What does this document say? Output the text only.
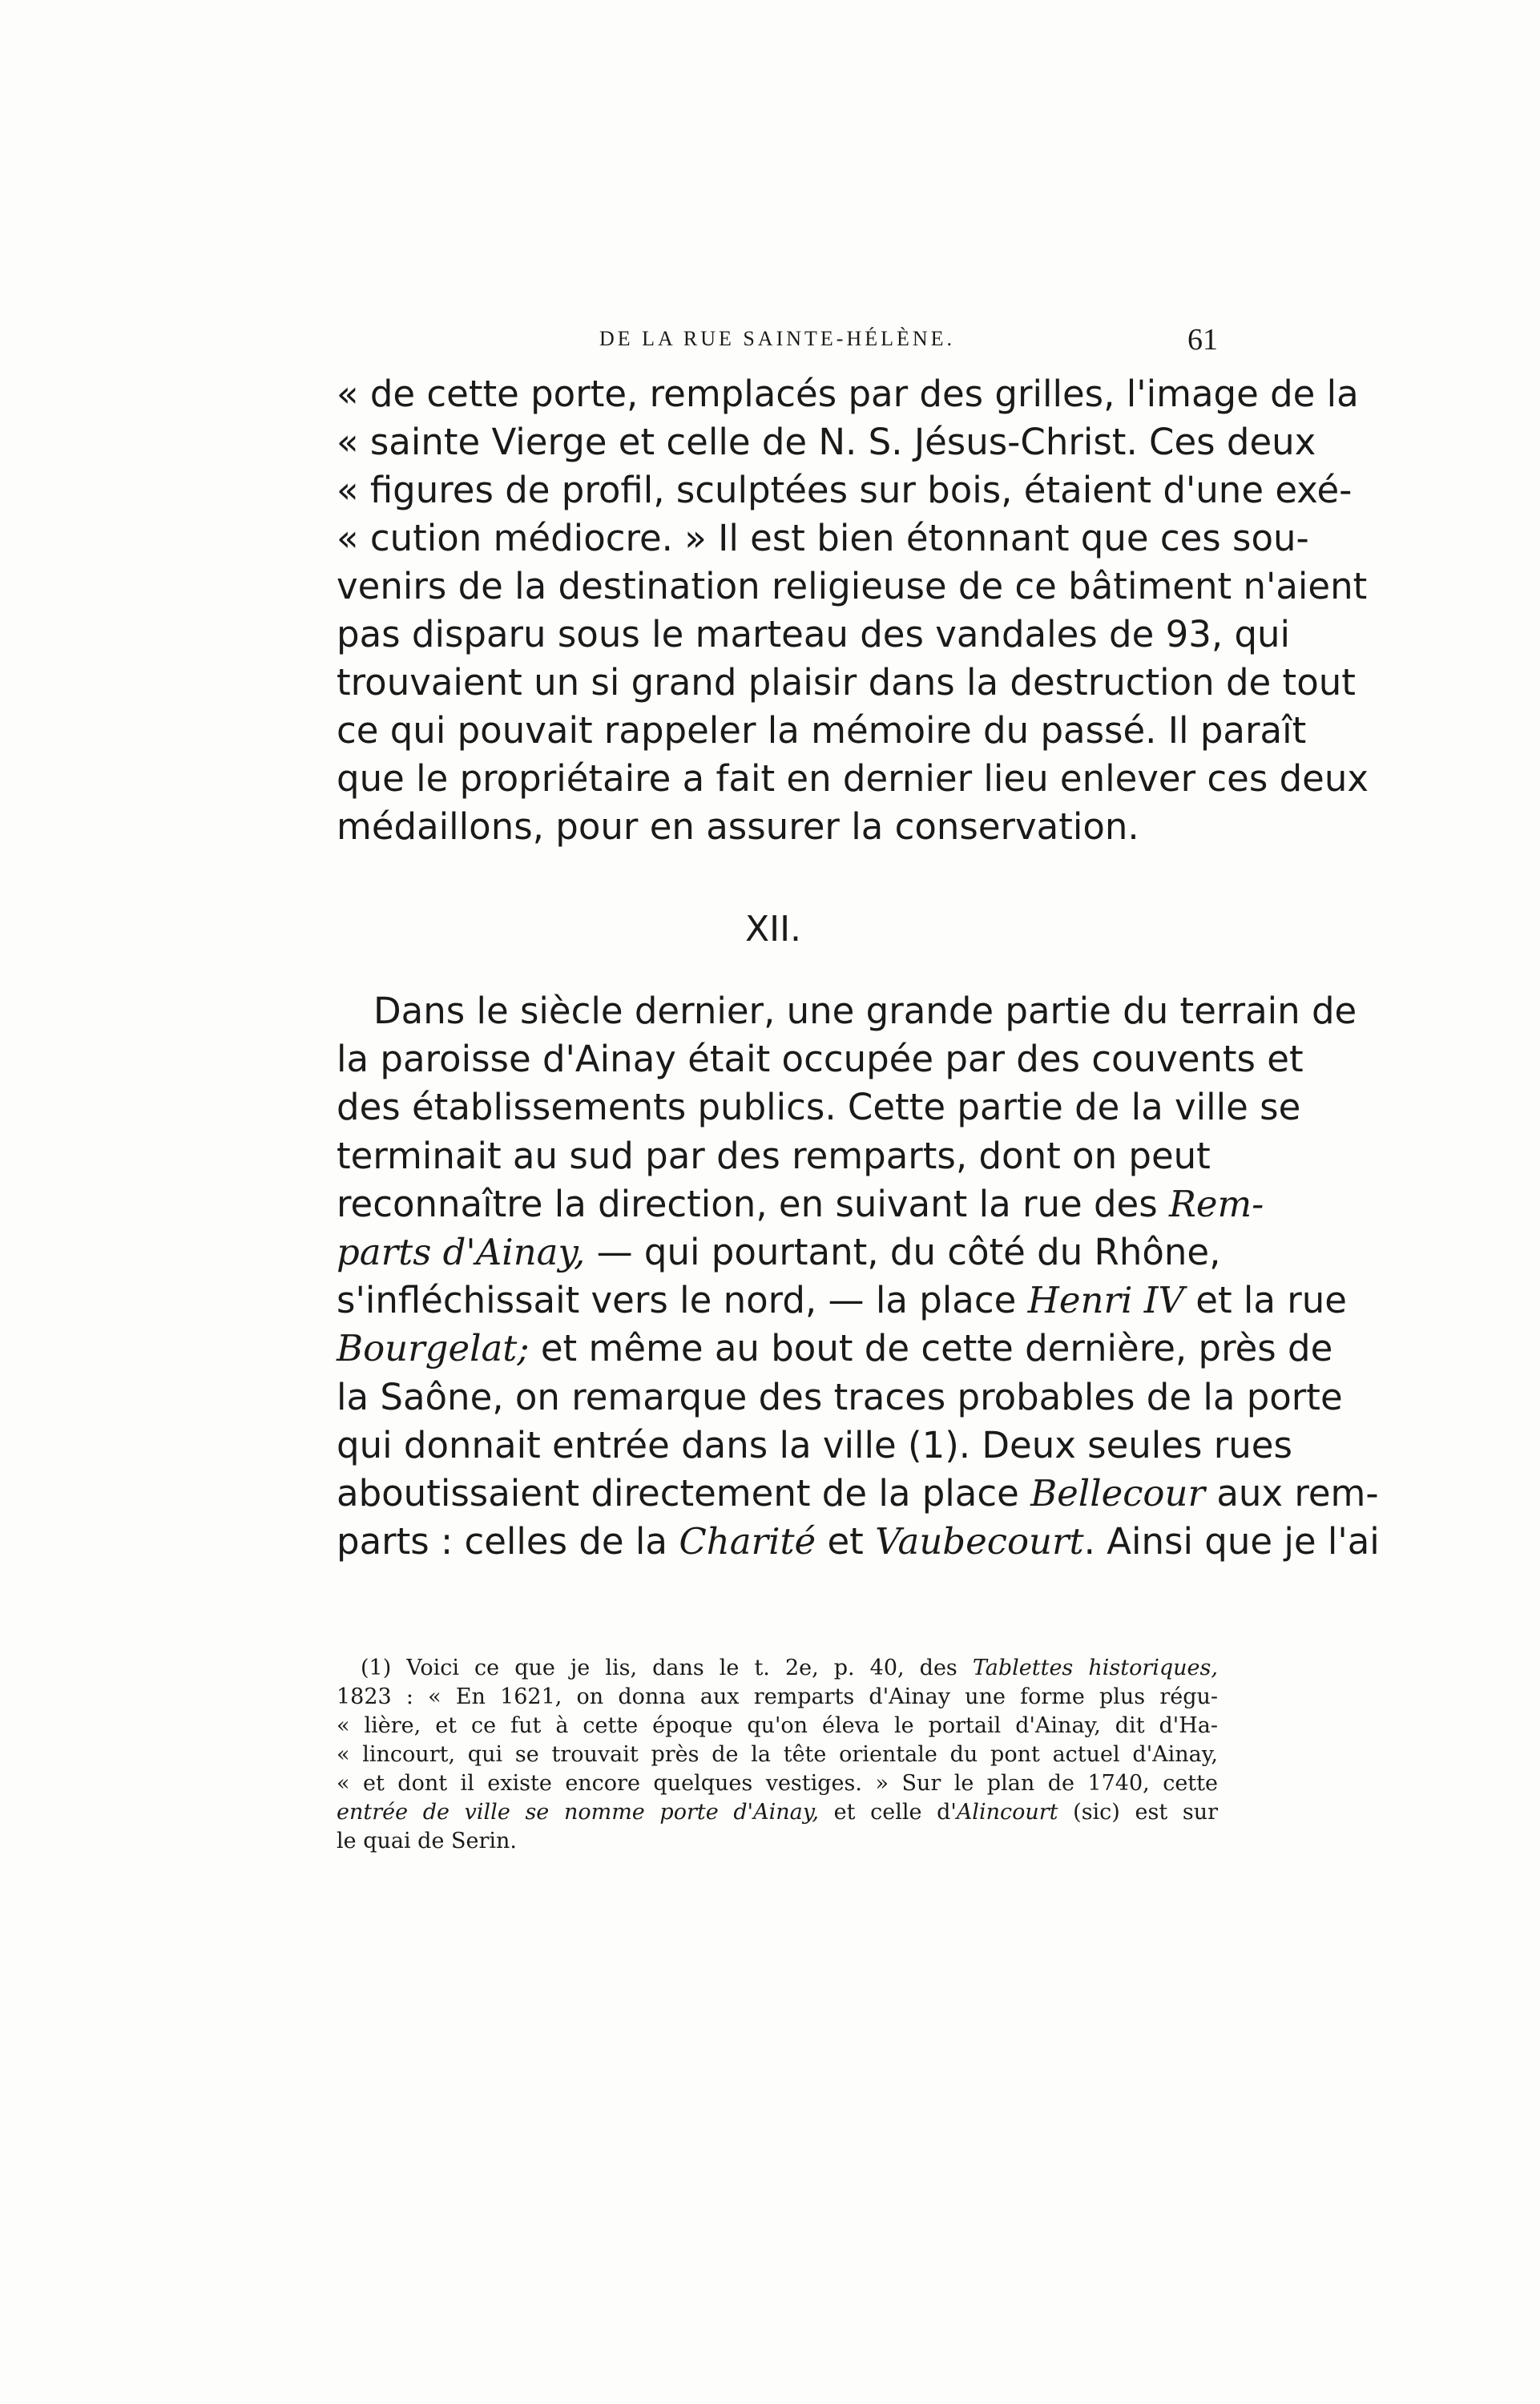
DE LA RUE SAINTE-HÉLÈNE.	61
« de cette porte, remplacés par des grilles, l'image de la
« sainte Vierge et celle de N. S. Jésus-Christ. Ces deux
« figures de profil, sculptées sur bois, étaient d'une exé-
« cution médiocre. » Il est bien étonnant que ces sou-
venirs de la destination religieuse de ce bâtiment n'aient
pas disparu sous le marteau des vandales de 93, qui
trouvaient un si grand plaisir dans la destruction de tout
ce qui pouvait rappeler la mémoire du passé. Il paraît
que le propriétaire a fait en dernier lieu enlever ces deux
médaillons, pour en assurer la conservation.
XII.
Dans le siècle dernier, une grande partie du terrain de
la paroisse d'Ainay était occupée par des couvents et
des établissements publics. Cette partie de la ville se
terminait au sud par des remparts, dont on peut
reconnaître la direction, en suivant la rue des Rem-
parts d'Ainay, — qui pourtant, du côté du Rhône,
s'infléchissait vers le nord, — la place Henri IV et la rue
Bourgelat; et même au bout de cette dernière, près de
la Saône, on remarque des traces probables de la porte
qui donnait entrée dans la ville (1). Deux seules rues
aboutissaient directement de la place Bellecour aux rem-
parts : celles de la Charité et Vaubecourt. Ainsi que je l'ai
(1) Voici ce que je lis, dans le t. 2e, p. 40, des Tablettes historiques,
1823 : « En 1621, on donna aux remparts d'Ainay une forme plus régu-
« lière, et ce fut à cette époque qu'on éleva le portail d'Ainay, dit d'Ha-
« lincourt, qui se trouvait près de la tête orientale du pont actuel d'Ainay,
« et dont il existe encore quelques vestiges. » Sur le plan de 1740, cette
entrée de ville se nomme porte d'Ainay, et celle d'Alincourt (sic) est sur
le quai de Serin.
